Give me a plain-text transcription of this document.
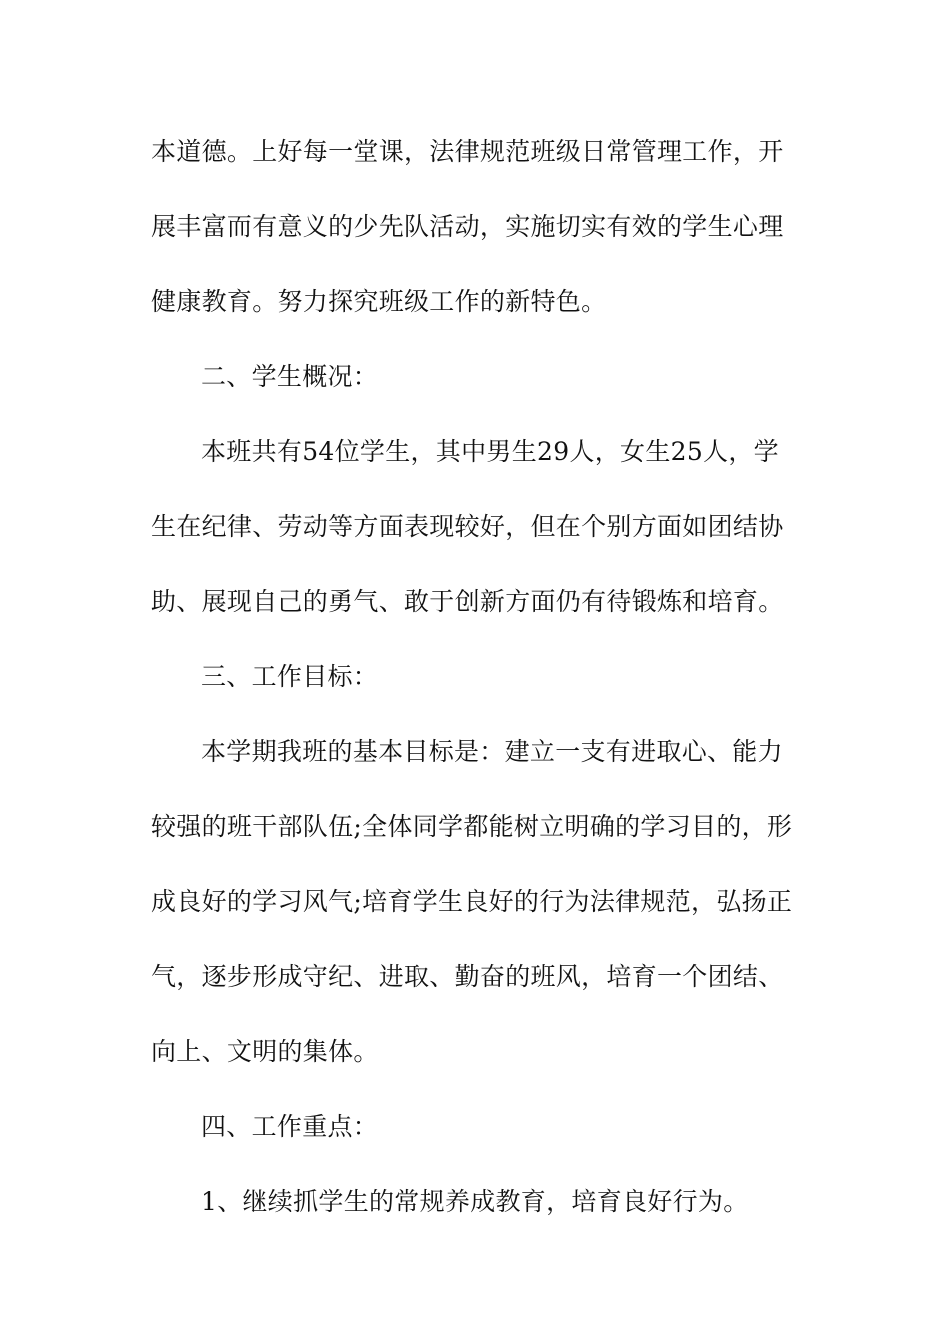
本道德。上好每一堂课，法律规范班级日常管理工作，开
展丰富而有意义的少先队活动，实施切实有效的学生心理
健康教育。努力探究班级工作的新特色。
二、学生概况：
本班共有54位学生，其中男生29人，女生25人，学
生在纪律、劳动等方面表现较好，但在个别方面如团结协
助、展现自己的勇气、敢于创新方面仍有待锻炼和培育。
三、工作目标：
本学期我班的基本目标是：建立一支有进取心、能力
较强的班干部队伍;全体同学都能树立明确的学习目的，形
成良好的学习风气;培育学生良好的行为法律规范，弘扬正
气，逐步形成守纪、进取、勤奋的班风，培育一个团结、
向上、文明的集体。
四、工作重点：
1、继续抓学生的常规养成教育，培育良好行为。
